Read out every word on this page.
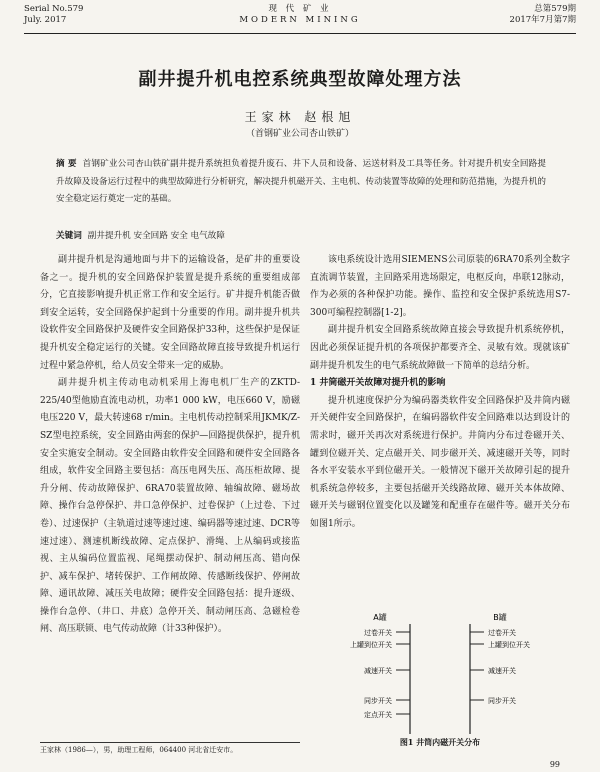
Serial No.579
July. 2017
现 代 矿 业
MODERN MINING
总第579期
2017年7月第7期
副井提升机电控系统典型故障处理方法
王家林 赵根旭
（首钢矿业公司杏山铁矿）
摘 要 首钢矿业公司杏山铁矿副井提升系统担负着提升废石、井下人员和设备、运送材料及工具等任务。针对提升机安全回路提升故障及设备运行过程中的典型故障进行分析研究，解决提升机磁开关、主电机、传动装置等故障的处理和防范措施，为提升机的安全稳定运行奠定一定的基础。
关键词 副井提升机 安全回路 安全 电气故障

副井提升机是沟通地面与井下的运输设备，是矿井的重要设备之一。提升机的安全回路保护装置是提升系统的重要组成部分，它直接影响提升机正常工作和安全运行。矿井提升机能否做到安全运转，安全回路保护起到十分重要的作用。副井提升机共设软件安全回路保护及硬件安全回路保护33种，这些保护是保证提升机安全稳定运行的关键。安全回路故障直接导致提升机运行过程中紧急停机，给人员安全带来一定的威胁。

副井提升机主传动电动机采用上海电机厂生产的ZKTD-225/40型他励直流电动机，功率1 000 kW，电压660 V，励磁电压220 V，最大转速68 r/min。主电机传动控制采用JKMK/Z-SZ型电控系统，安全回路由两套的保护—回路提供保护，提升机安全实施安全制动。安全回路由软件安全回路和硬件安全回路各组成，软件安全回路主要包括：高压电网失压、高压柜故障、提升分闸、传动故障保护、6RA70装置故障、轴编故障、磁场故障、操作台急停保护、井口急停保护、过卷保护（上过卷、下过卷）、过速保护（主轨道过速等速过速、编码器等速过速、DCR等速过速）、测速机断线故障、定点保护、滑绳、上从编码或接监视、主从编码位置监视、尾绳摆动保护、制动闸压高、错向保护、减车保护、堵转保护、工作闸故障、传感断线保护、停闸故障、通讯故障、减压关电故障；硬件安全回路包括：提升逐级、操作台急停、（井口、井底）急停开关、制动闸压高、急磁检卷闸、高压联锁、电气传动故障（计33种保护）。

该电系统设计选用SIEMENS公司原装的6RA70系列全数字直流调节装置，主回路采用选场限定，电枢反向，串联12脉动，作为必须的各种保护功能。操作、监控和安全保护系统选用S7-300可编程控制器[1-2]。

副井提升机安全回路系统故障直接会导致提升机系统停机，因此必须保证提升机的各项保护都要齐全、灵敏有效。现就该矿副井提升机发生的电气系统故障做一下简单的总结分析。

1 井筒磁开关故障对提升机的影响

提升机速度保护分为编码器类软件安全回路保护及井筒内磁开关硬件安全回路保护，在编码器软件安全回路难以达到设计的需求时，磁开关再次对系统进行保护。井筒内分布过卷磁开关、罐到位磁开关、定点磁开关、同步磁开关、减速磁开关等，同时各水平安装水平到位磁开关。一般情况下磁开关故障引起的提升机系统急停较多，主要包括磁开关线路故障、磁开关本体故障、磁开关与磁钢位置变化以及罐笼和配重存在磁件等。磁开关分布如图1所示。

A罐	B罐
过卷开关
上罐到位开关
减速开关
同步开关
定点开关
过卷开关
上罐到位开关
减速开关
同步开关
图1 井筒内磁开关分布
王家林（1986—），男，助理工程师，064400 河北省迁安市。
99
